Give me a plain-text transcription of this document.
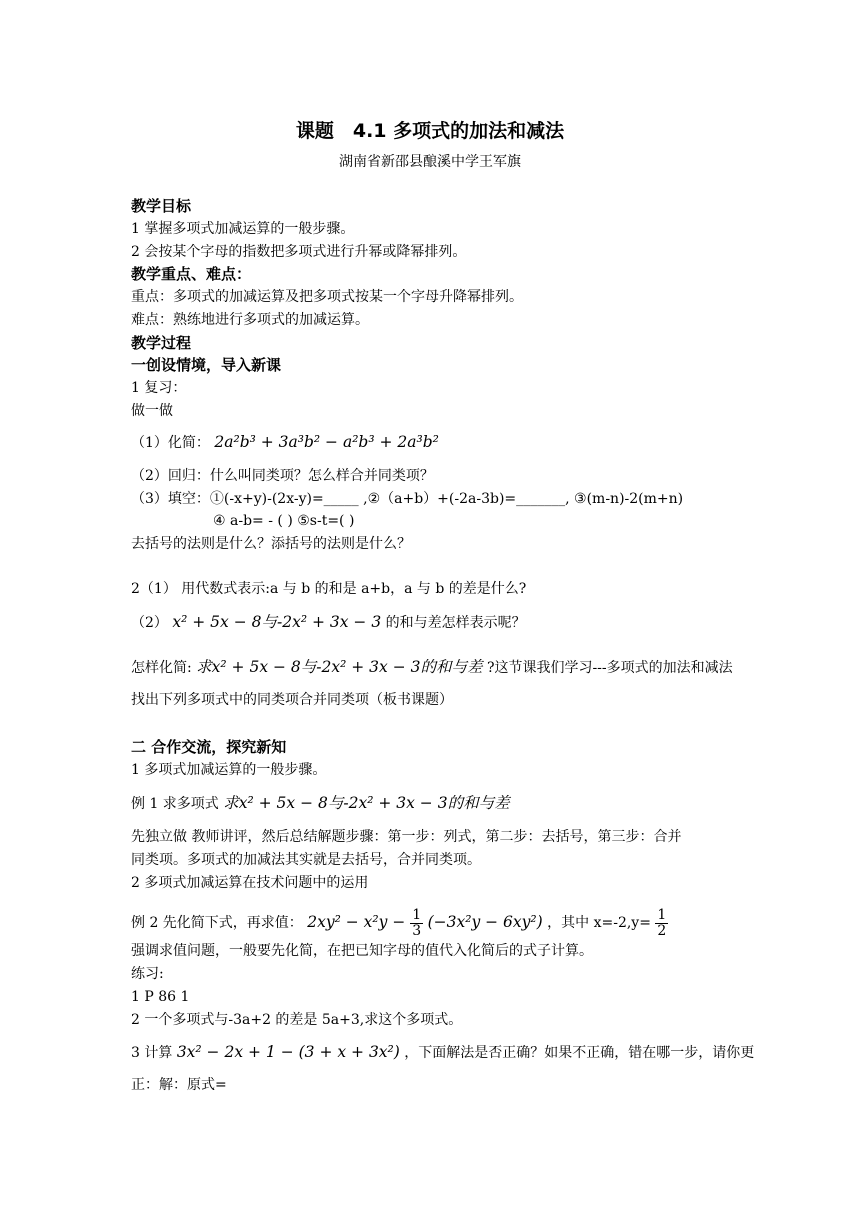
课题　4.1 多项式的加法和减法
湖南省新邵县酿溪中学王军旗
教学目标
1 掌握多项式加减运算的一般步骤。
2 会按某个字母的指数把多项式进行升幂或降幂排列。
教学重点、难点：
重点：多项式的加减运算及把多项式按某一个字母升降幂排列。
难点：熟练地进行多项式的加减运算。
教学过程
一创设情境，导入新课
1 复习：
做一做
（1）化简： 2a²b³ + 3a³b² − a²b³ + 2a³b²
（2）回归：什么叫同类项？怎么样合并同类项？
（3）填空：①(-x+y)-(2x-y)=_____ ,②（a+b）+(-2a-3b)=_______, ③(m-n)-2(m+n)
④ a-b= - ( ) ⑤s-t=( )
去括号的法则是什么？添括号的法则是什么？
2（1） 用代数式表示:a 与 b 的和是 a+b，a 与 b 的差是什么?
（2） x² + 5x − 8与-2x² + 3x − 3 的和与差怎样表示呢？
怎样化简: 求x² + 5x − 8与-2x² + 3x − 3的和与差 ?这节课我们学习---多项式的加法和减法
找出下列多项式中的同类项合并同类项（板书课题）
二 合作交流，探究新知
1 多项式加减运算的一般步骤。
例 1 求多项式 求x² + 5x − 8与-2x² + 3x − 3的和与差
先独立做 教师讲评，然后总结解题步骤：第一步：列式，第二步：去括号，第三步：合并
同类项。多项式的加减法其实就是去括号，合并同类项。
2 多项式加减运算在技术问题中的运用
例 2 先化简下式，再求值： $2xy^2 - x^2y - \frac{1}{3} (-3x^2y - 6xy^2)$ ，其中 $x=-2,y= \frac{1}{2}$
强调求值问题，一般要先化简，在把已知字母的值代入化简后的式子计算。
练习:
1 P 86 1
2 一个多项式与-3a+2 的差是 5a+3,求这个多项式。
3 计算 3x² − 2x + 1 − (3 + x + 3x²) ，下面解法是否正确？如果不正确，错在哪一步，请你更
正：解：原式=
